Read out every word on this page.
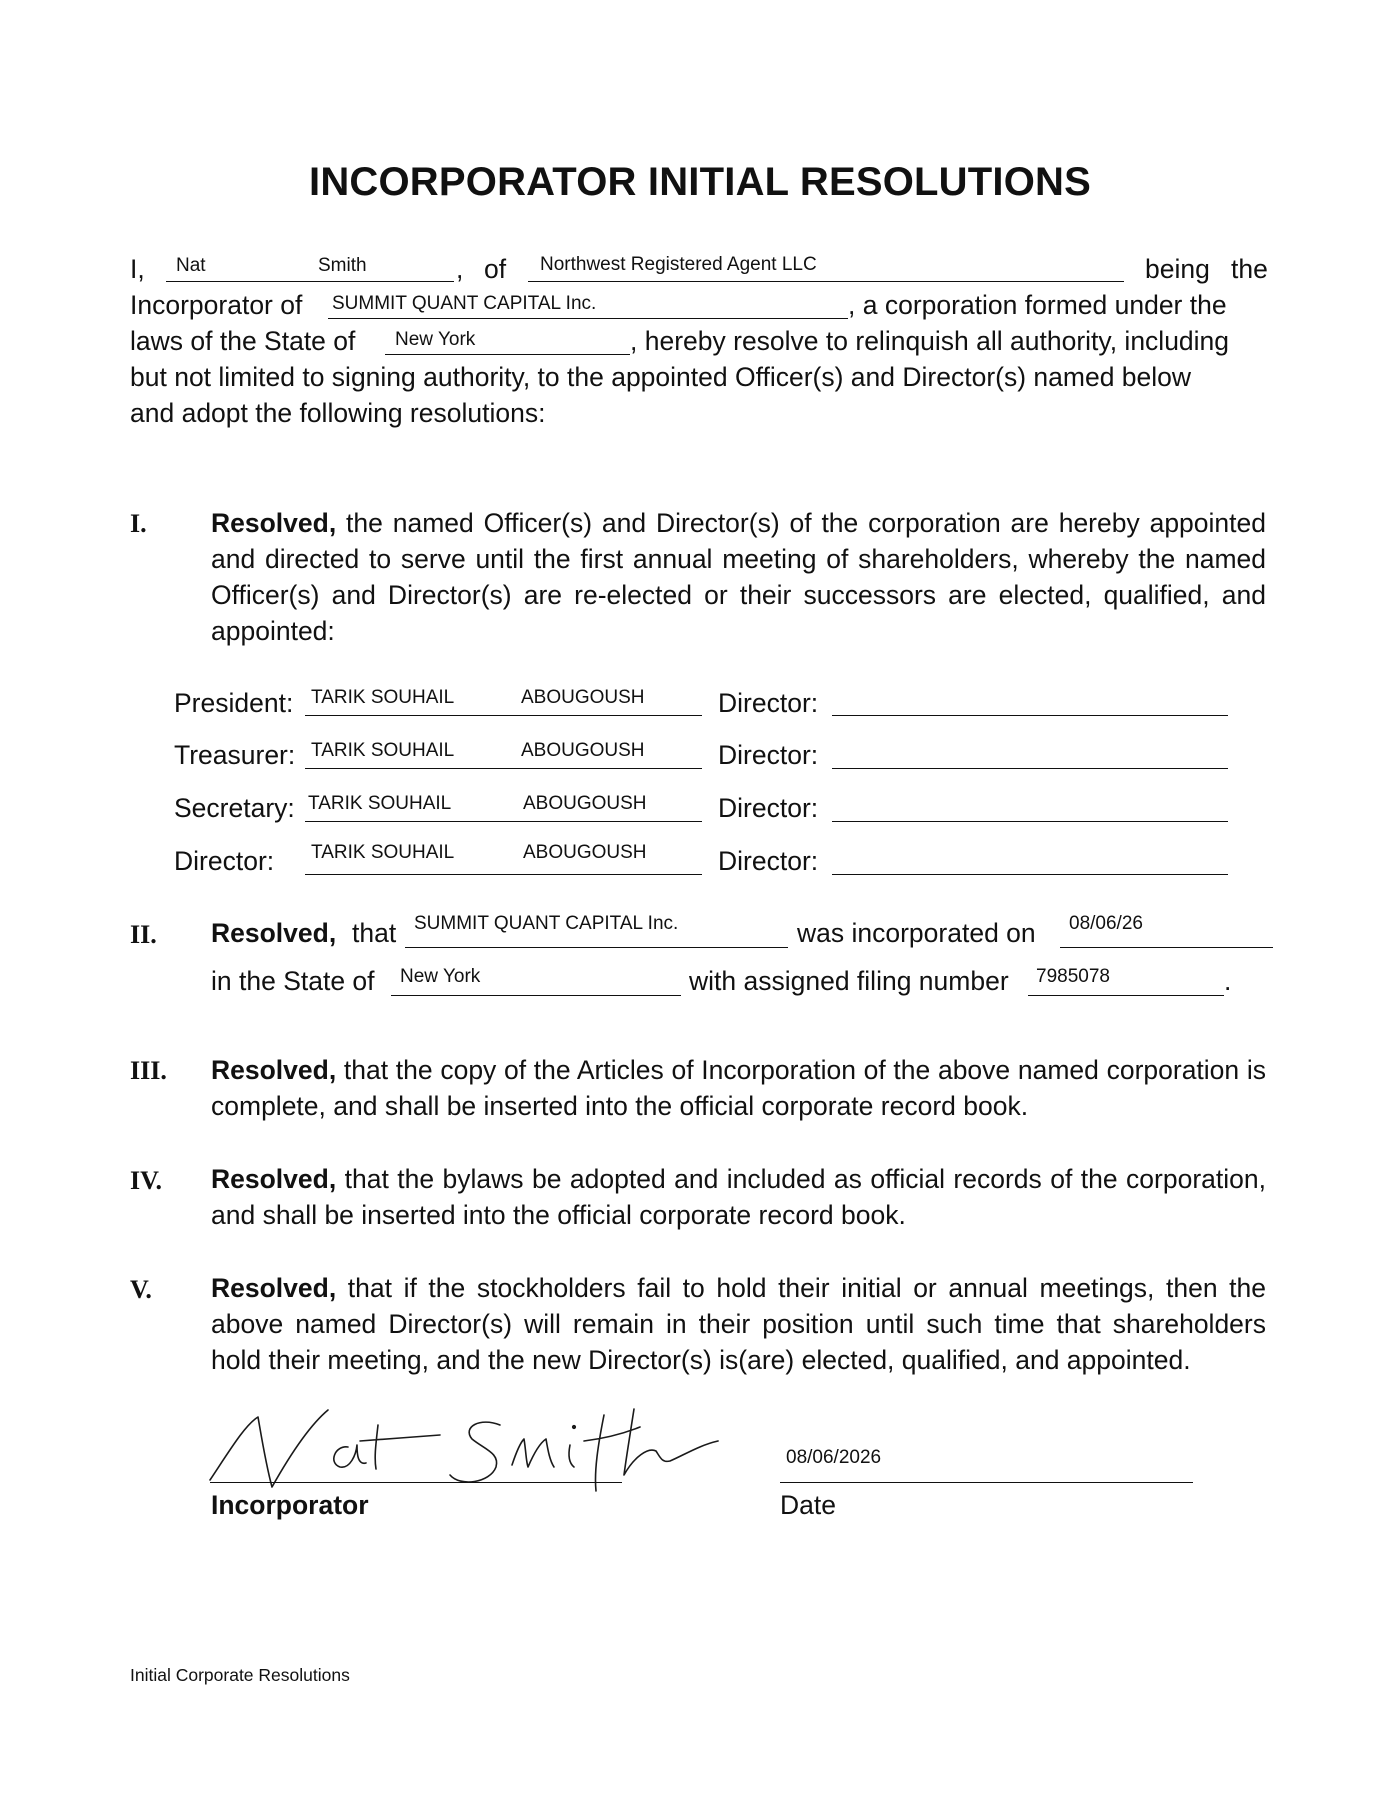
INCORPORATOR INITIAL RESOLUTIONS
I, Nat	Smith	, of Northwest Registered Agent LLC	being the
Incorporator of SUMMIT QUANT CAPITAL Inc.	, a corporation formed under the
laws of the State of New York	, hereby resolve to relinquish all authority, including
but not limited to signing authority, to the appointed Officer(s) and Director(s) named below
and adopt the following resolutions:
I. Resolved, the named Officer(s) and Director(s) of the corporation are hereby appointed and directed to serve until the first annual meeting of shareholders, whereby the named Officer(s) and Director(s) are re-elected or their successors are elected, qualified, and appointed:
President: TARIK SOUHAIL	ABOUGOUSH	Director:
Treasurer: TARIK SOUHAIL	ABOUGOUSH	Director:
Secretary: TARIK SOUHAIL	ABOUGOUSH	Director:
Director: TARIK SOUHAIL	ABOUGOUSH	Director:
II. Resolved, that SUMMIT QUANT CAPITAL Inc.	was incorporated on 08/06/26
in the State of New York	with assigned filing number 7985078	.
III. Resolved, that the copy of the Articles of Incorporation of the above named corporation is complete, and shall be inserted into the official corporate record book.
IV. Resolved, that the bylaws be adopted and included as official records of the corporation, and shall be inserted into the official corporate record book.
V. Resolved, that if the stockholders fail to hold their initial or annual meetings, then the above named Director(s) will remain in their position until such time that shareholders hold their meeting, and the new Director(s) is(are) elected, qualified, and appointed.
08/06/2026
Incorporator	Date
Initial Corporate Resolutions
